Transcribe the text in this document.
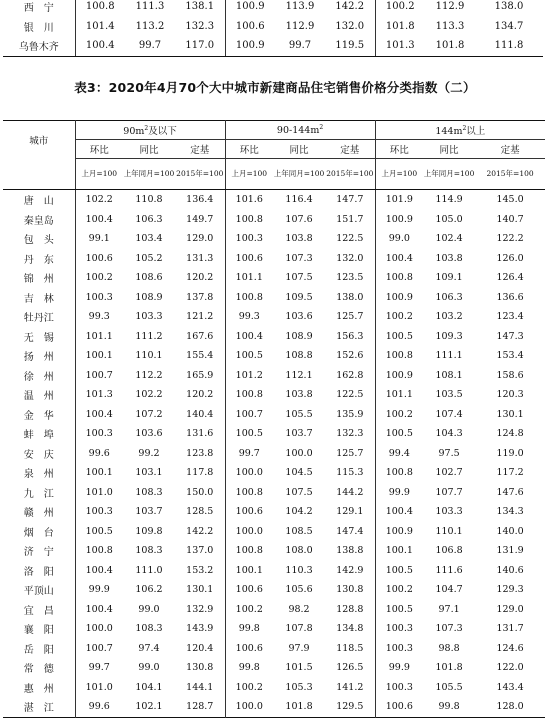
西　宁	100.8	111.3	138.1	100.9	113.9	142.2	100.2	112.9	138.0
银　川	101.4	113.2	132.3	100.6	112.9	132.0	101.8	113.3	134.7
乌鲁木齐	100.4	99.7	117.0	100.9	99.7	119.5	101.3	101.8	111.8
表3：2020年4月70个大中城市新建商品住宅销售价格分类指数（二）
城市	$90m^2$及以下			$90-144m^2$			$144m^2$以上	
	环比	同比	定基	环比	同比	定基	环比	同比	定基
	上月=100	上年同月=100	2015年=100	上月=100	上年同月=100	2015年=100	上月=100	上年同月=100	2015年=100
唐　山	102.2	110.8	136.4	101.6	116.4	147.7	101.9	114.9	145.0
秦皇岛	100.4	106.3	149.7	100.8	107.6	151.7	100.9	105.0	140.7
包　头	99.1	103.4	129.0	100.3	103.8	122.5	99.0	102.4	122.2
丹　东	100.6	105.2	131.3	100.6	107.3	132.0	100.4	103.8	126.0
锦　州	100.2	108.6	120.2	101.1	107.5	123.5	100.8	109.1	126.4
吉　林	100.3	108.9	137.8	100.8	109.5	138.0	100.9	106.3	136.6
牡丹江	99.3	103.3	121.2	99.3	103.6	125.7	100.2	103.2	123.4
无　锡	101.1	111.2	167.6	100.4	108.9	156.3	100.5	109.3	147.3
扬　州	100.1	110.1	155.4	100.5	108.8	152.6	100.8	111.1	153.4
徐　州	100.7	112.2	165.9	101.2	112.1	162.8	100.9	108.1	158.6
温　州	101.3	102.2	120.2	100.8	103.8	122.5	101.1	103.5	120.3
金　华	100.4	107.2	140.4	100.7	105.5	135.9	100.2	107.4	130.1
蚌　埠	100.3	103.6	131.6	100.5	103.7	132.3	100.5	104.3	124.8
安　庆	99.6	99.2	123.8	99.7	100.0	125.7	99.4	97.5	119.0
泉　州	100.1	103.1	117.8	100.0	104.5	115.3	100.8	102.7	117.2
九　江	101.0	108.3	150.0	100.8	107.5	144.2	99.9	107.7	147.6
赣　州	100.3	103.7	128.5	100.6	104.2	129.1	100.4	103.3	134.3
烟　台	100.5	109.8	142.2	100.0	108.5	147.4	100.9	110.1	140.0
济　宁	100.8	108.3	137.0	100.8	108.0	138.8	100.1	106.8	131.9
洛　阳	100.4	111.0	153.2	100.1	110.3	142.9	100.5	111.6	140.6
平顶山	99.9	106.2	130.1	100.6	105.6	130.8	100.2	104.7	129.3
宜　昌	100.4	99.0	132.9	100.2	98.2	128.8	100.5	97.1	129.0
襄　阳	100.0	108.3	143.9	99.8	107.8	134.8	100.3	107.3	131.7
岳　阳	100.7	97.4	120.4	100.6	97.9	118.5	100.3	98.8	124.6
常　德	99.7	99.0	130.8	99.8	101.5	126.5	99.9	101.8	122.0
惠　州	101.0	104.1	144.1	100.2	105.3	141.2	100.3	105.5	143.4
湛　江	99.6	102.1	128.7	100.0	101.8	129.5	100.6	99.8	128.0
